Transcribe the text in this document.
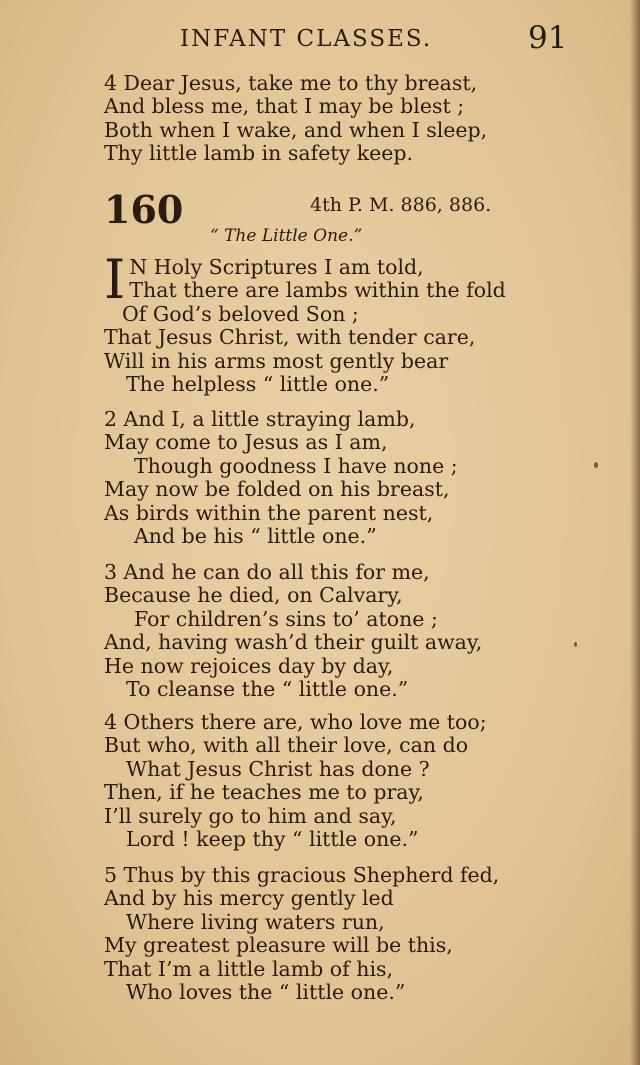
INFANT CLASSES.	91
4 Dear Jesus, take me to thy breast,
And bless me, that I may be blest ;
Both when I wake, and when I sleep,
Thy little lamb in safety keep.
160	4th P. M. 886, 886.
“ The Little One.”
I N Holy Scriptures I am told,
That there are lambs within the fold
Of God’s beloved Son ;
That Jesus Christ, with tender care,
Will in his arms most gently bear
The helpless “ little one.”
2 And I, a little straying lamb,
May come to Jesus as I am,
Though goodness I have none ;
May now be folded on his breast,
As birds within the parent nest,
And be his “ little one.”
3 And he can do all this for me,
Because he died, on Calvary,
For children’s sins to’ atone ;
And, having wash’d their guilt away,
He now rejoices day by day,
To cleanse the “ little one.”
4 Others there are, who love me too;
But who, with all their love, can do
What Jesus Christ has done ?
Then, if he teaches me to pray,
I’ll surely go to him and say,
Lord ! keep thy “ little one.”
5 Thus by this gracious Shepherd fed,
And by his mercy gently led
Where living waters run,
My greatest pleasure will be this,
That I’m a little lamb of his,
Who loves the “ little one.”
